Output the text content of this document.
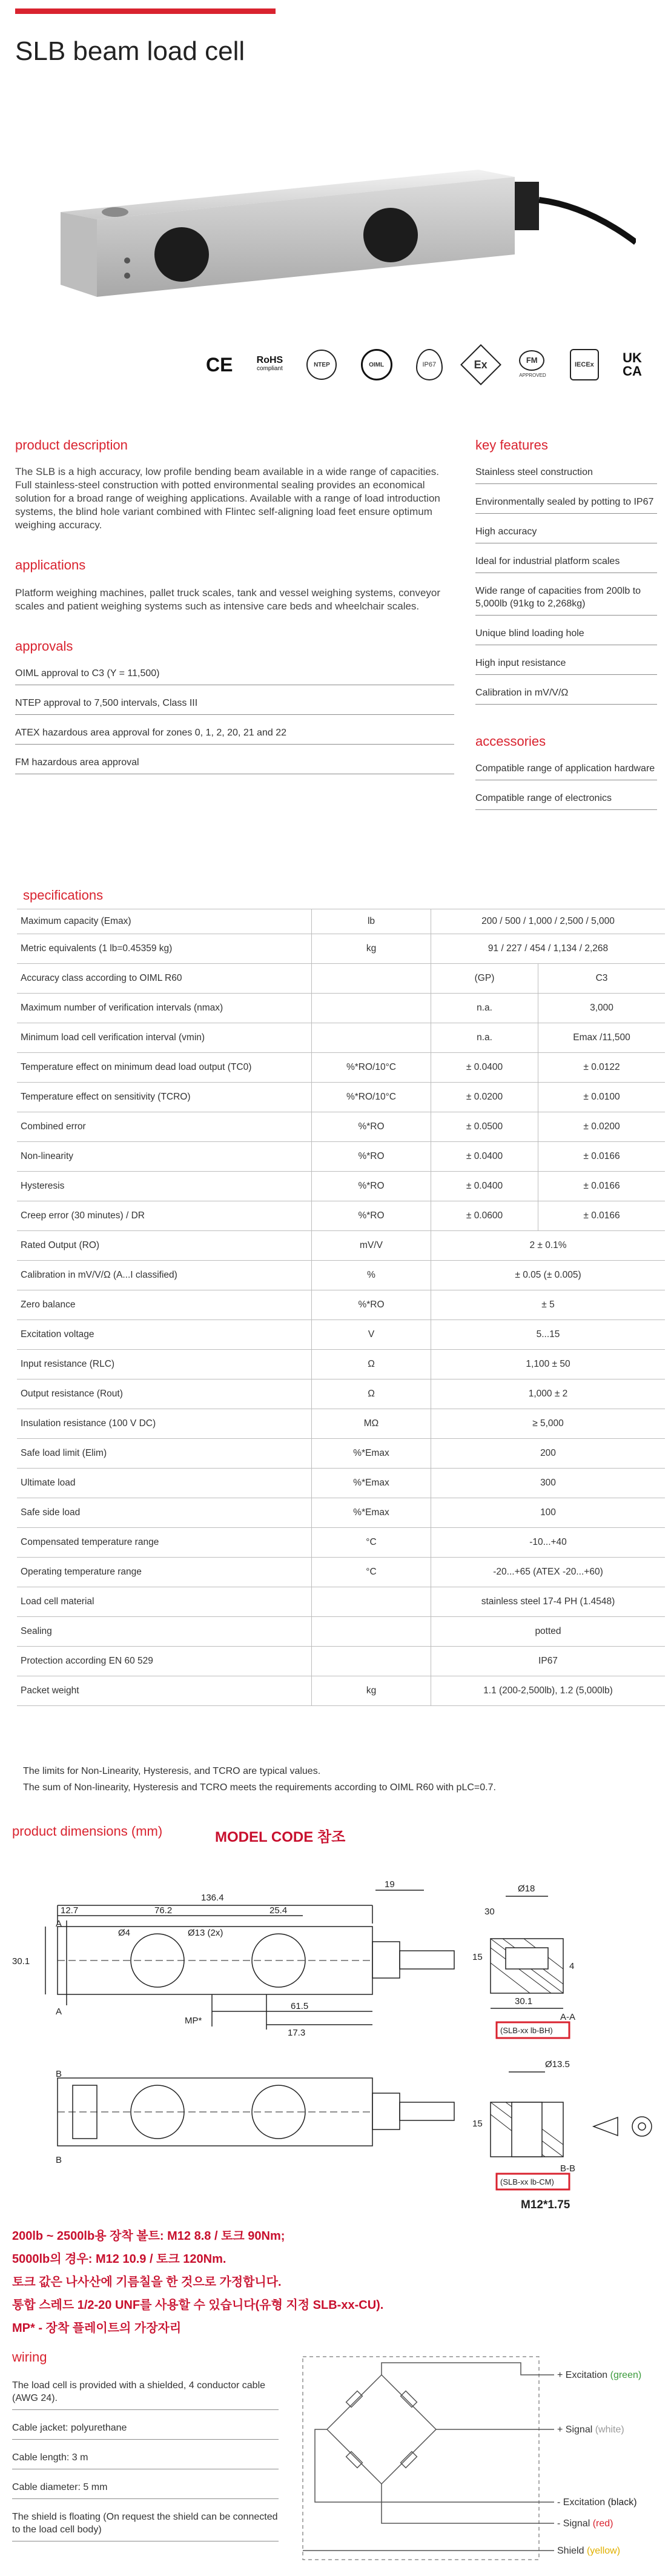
SLB beam load cell
CE RoHS
compliant
NTEP	OIML	IP67	Ex	FM
APPROVED
IECEx	UK
CA
product description
The SLB is a high accuracy, low profile bending beam available in a wide range of capacities. Full stainless-steel construction with potted environmental sealing provides an economical solution for a broad range of weighing applications. Available with a range of load introduction systems, the blind hole variant combined with Flintec self-aligning load feet ensure optimum weighing accuracy.
applications
Platform weighing machines, pallet truck scales, tank and vessel weighing systems, conveyor scales and patient weighing systems such as intensive care beds and wheelchair scales.
approvals
OIML approval to C3 (Y = 11,500)
NTEP approval to 7,500 intervals, Class III
ATEX hazardous area approval for zones 0, 1, 2, 20, 21 and 22
FM hazardous area approval
key features
Stainless steel construction
Environmentally sealed by potting to IP67
High accuracy
Ideal for industrial platform scales
Wide range of capacities from 200lb to 5,000lb (91kg to 2,268kg)
Unique blind loading hole
High input resistance
Calibration in mV/V/Ω
accessories
Compatible range of application hardware
Compatible range of electronics
specifications
Maximum capacity (Emax)	lb	200 / 500 / 1,000 / 2,500 / 5,000	
Metric equivalents (1 lb=0.45359 kg)	kg	91 / 227 / 454 / 1,134 / 2,268	
Accuracy class according to OIML R60		(GP)	C3
Maximum number of verification intervals (nmax)		n.a.	3,000
Minimum load cell verification interval (vmin)		n.a.	Emax /11,500
Temperature effect on minimum dead load output (TC0)	%*RO/10°C	± 0.0400	± 0.0122
Temperature effect on sensitivity (TCRO)	%*RO/10°C	± 0.0200	± 0.0100
Combined error	%*RO	± 0.0500	± 0.0200
Non-linearity	%*RO	± 0.0400	± 0.0166
Hysteresis	%*RO	± 0.0400	± 0.0166
Creep error (30 minutes) / DR	%*RO	± 0.0600	± 0.0166
Rated Output (RO)	mV/V	2 ± 0.1%	
Calibration in mV/V/Ω (A...I classified)	%	± 0.05 (± 0.005)	
Zero balance	%*RO	± 5	
Excitation voltage	V	5...15	
Input resistance (RLC)	Ω	1,100 ± 50	
Output resistance (Rout)	Ω	1,000 ± 2	
Insulation resistance (100 V DC)	MΩ	≥ 5,000	
Safe load limit (Elim)	%*Emax	200	
Ultimate load	%*Emax	300	
Safe side load	%*Emax	100	
Compensated temperature range	°C	-10...+40	
Operating temperature range	°C	-20...+65 (ATEX -20...+60)	
Load cell material		stainless steel 17-4 PH (1.4548)	
Sealing		potted	
Protection according EN 60 529		IP67	
Packet weight	kg	1.1 (200-2,500lb), 1.2 (5,000lb)	
The limits for Non-Linearity, Hysteresis, and TCRO are typical values.
The sum of Non-linearity, Hysteresis and TCRO meets the requirements according to OIML R60 with pLC=0.7.
product dimensions (mm)	MODEL CODE 참조
136.4
12.7	76.2	25.4
19
Ø4	Ø13 (2x)
30.1
61.5
17.3
MP*
A
A
B
B
Ø18
30
15
4
A-A
(SLB-xx lb-BH)
30.1
Ø13.5
15
B-B
(SLB-xx lb-CM)
M12*1.75
200lb ~ 2500lb용 장착 볼트: M12 8.8 / 토크 90Nm;
5000lb의 경우: M12 10.9 / 토크 120Nm.
토크 값은 나사산에 기름칠을 한 것으로 가정합니다.
통합 스레드 1/2-20 UNF를 사용할 수 있습니다(유형 지정 SLB-xx-CU).
MP* - 장착 플레이트의 가장자리
wiring
The load cell is provided with a shielded, 4 conductor cable (AWG 24).
Cable jacket: polyurethane
Cable length: 3 m
Cable diameter: 5 mm
The shield is floating (On request the shield can be connected to the load cell body)
+ Excitation (green)
+ Signal (white)
- Excitation (black)
- Signal (red)
Shield (yellow)
